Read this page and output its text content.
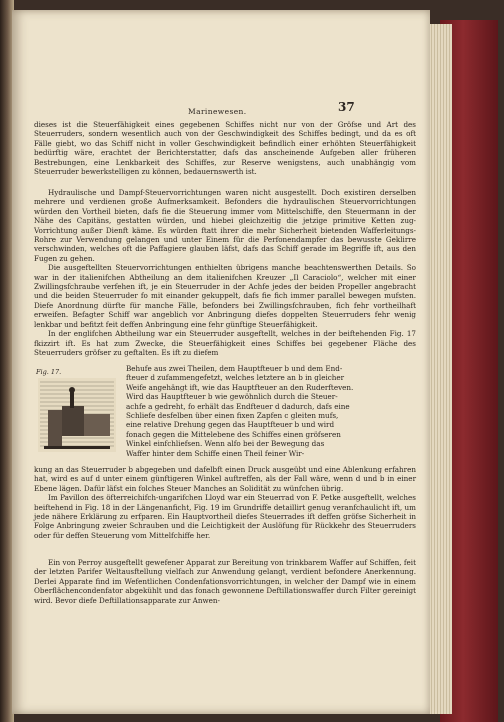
Marinewesen.	37

dieses ist die Steuerfähigkeit eines gegebenen Schiffes nicht nur von der Gröfse und Art des Steuerruders, sondern wesentlich auch von der Geschwindigkeit des Schiffes bedingt, und da es oft Fälle giebt, wo das Schiff nicht in voller Geschwindigkeit befindlich einer erhöhten Steuerfähigkeit bedürftig wäre, erachtet der Berichterstatter, dafs das anscheinende Aufgeben aller früheren Bestrebungen, eine Lenkbarkeit des Schiffes, zur Reserve wenigstens, auch unabhängig vom Steuerruder bewerkstelligen zu können, bedauernswerth ist.

Hydraulische und Dampf-Steuervorrichtungen waren nicht ausgestellt. Doch existiren derselben mehrere und verdienen große Aufmerksamkeit. Befonders die hydraulischen Steuervorrichtungen würden den Vortheil bieten, dafs fie die Steuerung immer vom Mittelschiffe, den Steuermann in der Nähe des Capitäns, gestatten würden, und hiebei gleichzeitig die jetzige primitive Ketten zug-Vorrichtung außer Dienft käme. Es würden ftatt ihrer die mehr Sicherheit bietenden Wafferleitungs-Rohre zur Verwendung gelangen und unter Einem für die Perfonendampfer das bewusste Geklirre verschwinden, welches oft die Paffagiere glauben läfst, dafs das Schiff gerade im Begriffe ift, aus den Fugen zu gehen.

Die ausgeftellten Steuervorrichtungen enthielten übrigens manche beachtenswerthen Details. So war in der italienifchen Abtheilung an dem italienifchen Kreuzer „Il Caraciolo“, welcher mit einer Zwillingsfchraube verfehen ift, je ein Steuerruder in der Achfe jedes der beiden Propeller angebracht und die beiden Steuerruder fo mit einander gekuppelt, dafs fie fich immer parallel bewegen mufsten. Diefe Anordnung dürfte für manche Fälle, befonders bei Zwillingsfchrauben, fich fehr vortheilhaft erweifen. Befagter Schiff war angeblich vor Anbringung diefes doppelten Steuerruders fehr wenig lenkbar und befitzt feit deffen Anbringung eine fehr günftige Steuerfähigkeit.

In der englifchen Abtheilung war ein Steuerruder ausgeftellt, welches in der beiftehenden Fig. 17 fkizzirt ift. Es hat zum Zwecke, die Steuerfähigkeit eines Schiffes bei gegebener Fläche des Steuerruders gröfser zu geftalten. Es ift zu diefem

Fig. 17.	Behufe aus zwei Theilen, dem Hauptfteuer b und dem End-
fteuer d zufammengefetzt, welches letztere an b in gleicher
Weife angehängt ift, wie das Hauptfteuer an den Ruderfteven.
Wird das Hauptfteuer b wie gewöhnlich durch die Steuer-
achfe a gedreht, fo erhält das Endfteuer d dadurch, dafs eine
Schliefe desfelben über einen fixen Zapfen c gleiten mufs,
eine relative Drehung gegen das Hauptfteuer b und wird
fonach gegen die Mittelebene des Schiffes einen gröfseren
Winkel einfchliefsen. Wenn alfo bei der Bewegung das
Waffer hinter dem Schiffe einen Theil feiner Wir-

kung an das Steuerruder b abgegeben und dafelbft einen Druck ausgeübt und eine Ablenkung erfahren hat, wird es auf d unter einem günftigeren Winkel auftreffen, als der Fall wäre, wenn d und b in einer Ebene lägen. Dafür läfst ein folches Steuer Manches an Solidität zu wünfchen übrig.

Im Pavillon des öfterreichifch-ungarifchen Lloyd war ein Steuerrad von F. Petke ausgeftellt, welches beiftehend in Fig. 18 in der Längenanficht, Fig. 19 im Grundriffe detaillirt genug veranfchaulicht ift, um jede nähere Erklärung zu erfparen. Ein Hauptvortheil diefes Steuerrades ift deffen gröfse Sicherheit in Folge Anbringung zweier Schrauben und die Leichtigkeit der Auslöfung für Rückkehr des Steuerruders oder für deffen Steuerung vom Mittelfchiffe her.

Ein von Perroy ausgeftellt gewefener Apparat zur Bereitung von trinkbarem Waffer auf Schiffen, feit der letzten Parifer Weltausftellung vielfach zur Anwendung gelangt, verdient befondere Anerkennung. Derlei Apparate find im Wefentlichen Condenfationsvorrichtungen, in welcher der Dampf wie in einem Oberflächencondenfator abgekühlt und das fonach gewonnene Deftillationswaffer durch Filter gereinigt wird. Bevor diefe Deftillationsapparate zur Anwen-
